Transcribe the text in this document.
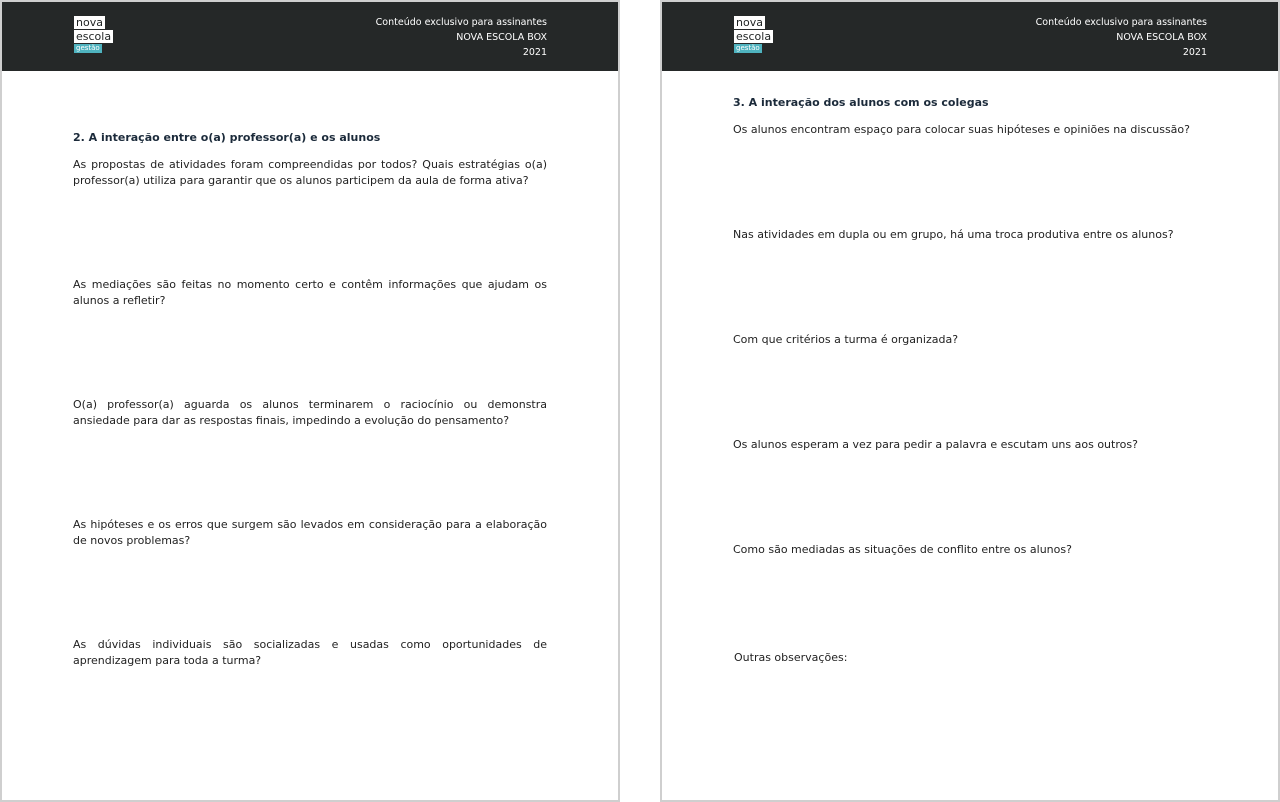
nova
escola
gestão
Conteúdo exclusivo para assinantes
NOVA ESCOLA BOX
2021
2. A interação entre o(a) professor(a) e os alunos

As propostas de atividades foram compreendidas por todos? Quais estratégias o(a) professor(a) utiliza para garantir que os alunos participem da aula de forma ativa?

As mediações são feitas no momento certo e contêm informações que ajudam os alunos a refletir?

O(a) professor(a) aguarda os alunos terminarem o raciocínio ou demonstra ansiedade para dar as respostas finais, impedindo a evolução do pensamento?

As hipóteses e os erros que surgem são levados em consideração para a elaboração de novos problemas?

As dúvidas individuais são socializadas e usadas como oportunidades de aprendizagem para toda a turma?

nova
escola
gestão
Conteúdo exclusivo para assinantes
NOVA ESCOLA BOX
2021
3. A interação dos alunos com os colegas

Os alunos encontram espaço para colocar suas hipóteses e opiniões na discussão?

Nas atividades em dupla ou em grupo, há uma troca produtiva entre os alunos?

Com que critérios a turma é organizada?

Os alunos esperam a vez para pedir a palavra e escutam uns aos outros?

Como são mediadas as situações de conflito entre os alunos?

Outras observações:
